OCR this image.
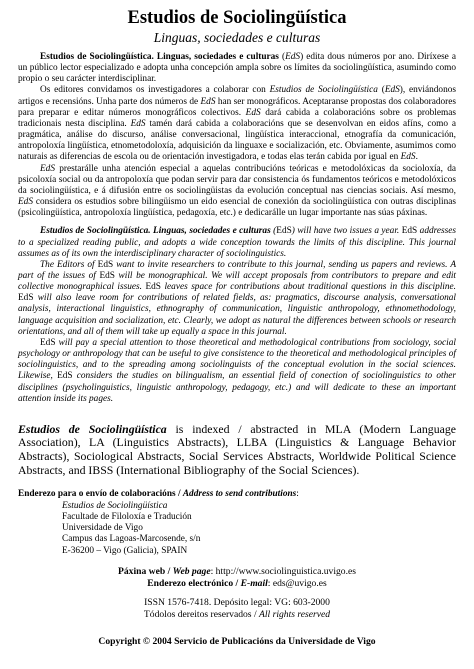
Estudios de Sociolingüística
Linguas, sociedades e culturas

Estudios de Sociolingüística. Linguas, sociedades e culturas (EdS) edita dous números por ano. Diríxese a un público lector especializado e adopta unha concepción ampla sobre os límites da sociolingüística, asumindo como propio o seu carácter interdisciplinar.

Os editores convidamos os investigadores a colaborar con Estudios de Sociolingüística (EdS), enviándonos artigos e recensións. Unha parte dos números de EdS han ser monográficos. Aceptaranse propostas dos colaboradores para preparar e editar números monográficos colectivos. EdS dará cabida a colaboracións sobre os problemas tradicionais nesta disciplina. EdS tamén dará cabida a colaboracións que se desenvolvan en eidos afíns, como a pragmática, análise do discurso, análise conversacional, lingüística interaccional, etnografía da comunicación, antropoloxía lingüística, etnometodoloxía, adquisición da linguaxe e socialización, etc. Obviamente, asumimos como naturais as diferencias de escola ou de orientación investigadora, e todas elas terán cabida por igual en EdS.

EdS prestarálle unha atención especial a aquelas contribucións teóricas e metodolóxicas da socioloxía, da psicoloxía social ou da antropoloxía que podan servir para dar consistencia ós fundamentos teóricos e metodolóxicos da sociolingüística, e á difusión entre os sociolingüistas da evolución conceptual nas ciencias sociais. Así mesmo, EdS considera os estudios sobre bilingüismo un eido esencial de conexión da sociolingüística con outras disciplinas (psicolingüística, antropoloxía lingüística, pedagoxía, etc.) e dedicarálle un lugar importante nas súas páxinas.

Estudios de Sociolingüística. Linguas, sociedades e culturas (EdS) will have two issues a year. EdS addresses to a specialized reading public, and adopts a wide conception towards the limits of this discipline. This journal assumes as of its own the interdisciplinary character of sociolinguistics.

The Editors of EdS want to invite researchers to contribute to this journal, sending us papers and reviews. A part of the issues of EdS will be monographical. We will accept proposals from contributors to prepare and edit collective monographical issues. EdS leaves space for contributions about traditional questions in this discipline. EdS will also leave room for contributions of related fields, as: pragmatics, discourse analysis, conversational analysis, interactional linguistics, ethnography of communication, linguistic anthropology, ethnomethodology, language acquisition and socialization, etc. Clearly, we adopt as natural the differences between schools or research orientations, and all of them will take up equally a space in this journal.

EdS will pay a special attention to those theoretical and methodological contributions from sociology, social psychology or anthropology that can be useful to give consistence to the theoretical and methodological principles of sociolinguistics, and to the spreading among sociolinguists of the conceptual evolution in the social sciences. Likewise, EdS considers the studies on bilingualism, an essential field of conection of sociolinguistics to other disciplines (psycholinguistics, linguistic anthropology, pedagogy, etc.) and will dedicate to these an important attention inside its pages.

Estudios de Sociolingüística is indexed / abstracted in MLA (Modern Language Association), LA (Linguistics Abstracts), LLBA (Linguistics & Language Behavior Abstracts), Sociological Abstracts, Social Services Abstracts, Worldwide Political Science Abstracts, and IBSS (International Bibliography of the Social Sciences).

Enderezo para o envío de colaboracións / Address to send contributions:

Estudios de Sociolingüística
Facultade de Filoloxía e Tradución
Universidade de Vigo
Campus das Lagoas-Marcosende, s/n
E-36200 – Vigo (Galicia), SPAIN

Páxina web / Web page: http://www.sociolinguistica.uvigo.es

Enderezo electrónico / E-mail: eds@uvigo.es

ISSN 1576-7418. Depósito legal: VG: 603-2000

Tódolos dereitos reservados / All rights reserved

Copyright © 2004 Servicio de Publicacións da Universidade de Vigo
